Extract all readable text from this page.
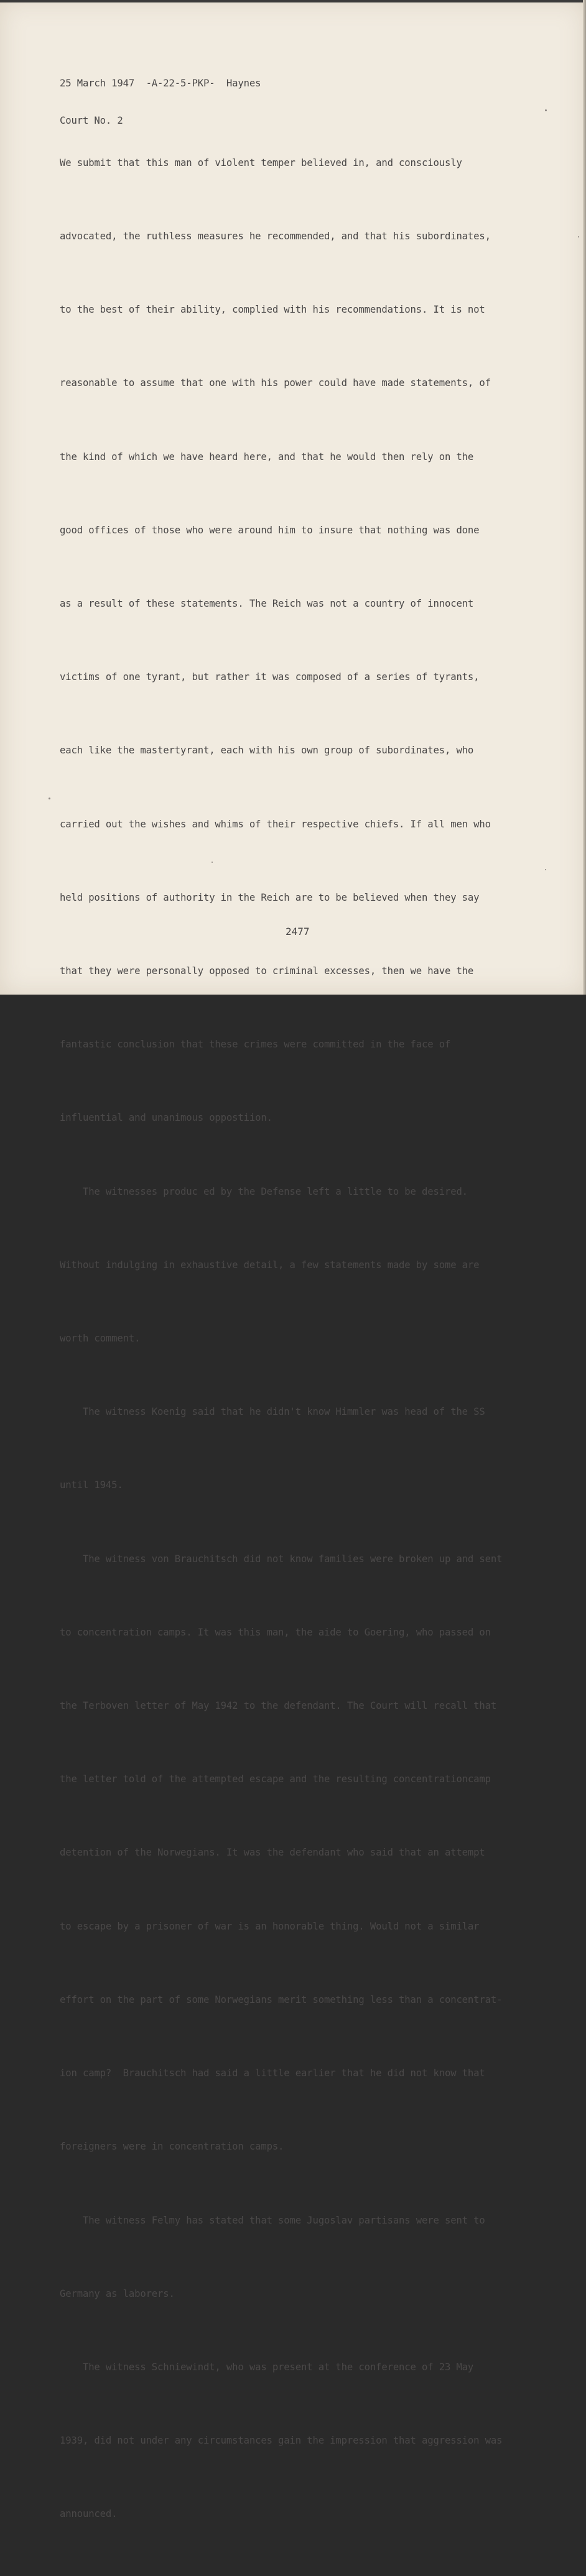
25 March 1947  -A-22-5-PKP-  Haynes

Court No. 2

We submit that this man of violent temper believed in, and consciously

advocated, the ruthless measures he recommended, and that his subordinates,

to the best of their ability, complied with his recommendations. It is not

reasonable to assume that one with his power could have made statements, of

the kind of which we have heard here, and that he would then rely on the

good offices of those who were around him to insure that nothing was done

as a result of these statements. The Reich was not a country of innocent

victims of one tyrant, but rather it was composed of a series of tyrants,

each like the mastertyrant, each with his own group of subordinates, who

carried out the wishes and whims of their respective chiefs. If all men who

held positions of authority in the Reich are to be believed when they say

that they were personally opposed to criminal excesses, then we have the

fantastic conclusion that these crimes were committed in the face of

influential and unanimous oppostiion.

The witnesses produc ed by the Defense left a little to be desired.

Without indulging in exhaustive detail, a few statements made by some are

worth comment.

The witness Koenig said that he didn't know Himmler was head of the SS

until 1945.

The witness von Brauchitsch did not know families were broken up and sent

to concentration camps. It was this man, the aide to Goering, who passed on

the Terboven letter of May 1942 to the defendant. The Court will recall that

the letter told of the attempted escape and the resulting concentrationcamp

detention of the Norwegians. It was the defendant who said that an attempt

to escape by a prisoner of war is an honorable thing. Would not a similar

effort on the part of some Norwegians merit something less than a concentrat-

ion camp?  Brauchitsch had said a little earlier that he did not know that

foreigners were in concentration camps.

The witness Felmy has stated that some Jugoslav partisans were sent to

Germany as laborers.

The witness Schniewindt, who was present at the conference of 23 May

1939, did not under any circumstances gain the impression that aggression was

announced.

2477
